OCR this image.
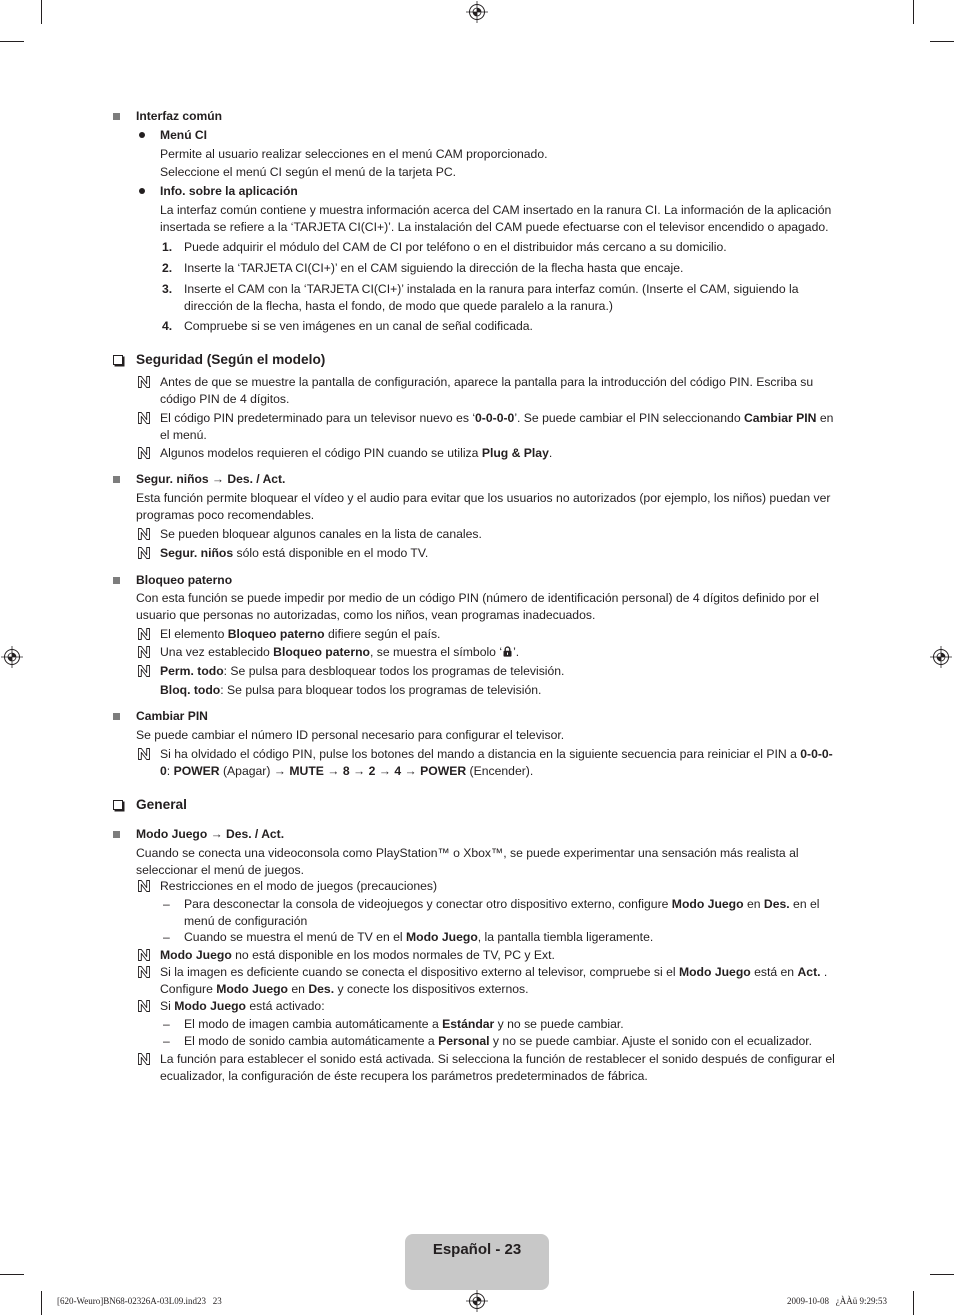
Interfaz común
Menú CI
Permite al usuario realizar selecciones en el menú CAM proporcionado.
Seleccione el menú CI según el menú de la tarjeta PC.
Info. sobre la aplicación
La interfaz común contiene y muestra información acerca del CAM insertado en la ranura CI. La información de la aplicación insertada se refiere a la ‘TARJETA CI(CI+)’. La instalación del CAM puede efectuarse con el televisor encendido o apagado.
1. Puede adquirir el módulo del CAM de CI por teléfono o en el distribuidor más cercano a su domicilio.
2. Inserte la ‘TARJETA CI(CI+)’ en el CAM siguiendo la dirección de la flecha hasta que encaje.
3. Inserte el CAM con la ‘TARJETA CI(CI+)’ instalada en la ranura para interfaz común. (Inserte el CAM, siguiendo la dirección de la flecha, hasta el fondo, de modo que quede paralelo a la ranura.)
4. Compruebe si se ven imágenes en un canal de señal codificada.
Seguridad (Según el modelo)
Antes de que se muestre la pantalla de configuración, aparece la pantalla para la introducción del código PIN. Escriba su código PIN de 4 dígitos.
El código PIN predeterminado para un televisor nuevo es ‘0-0-0-0’. Se puede cambiar el PIN seleccionando Cambiar PIN en el menú.
Algunos modelos requieren el código PIN cuando se utiliza Plug & Play.
Segur. niños → Des. / Act.
Esta función permite bloquear el vídeo y el audio para evitar que los usuarios no autorizados (por ejemplo, los niños) puedan ver programas poco recomendables.
Se pueden bloquear algunos canales en la lista de canales.
Segur. niños sólo está disponible en el modo TV.
Bloqueo paterno
Con esta función se puede impedir por medio de un código PIN (número de identificación personal) de 4 dígitos definido por el usuario que personas no autorizadas, como los niños, vean programas inadecuados.
El elemento Bloqueo paterno difiere según el país.
Una vez establecido Bloqueo paterno, se muestra el símbolo ‘ ’.
Perm. todo: Se pulsa para desbloquear todos los programas de televisión.
Bloq. todo: Se pulsa para bloquear todos los programas de televisión.
Cambiar PIN
Se puede cambiar el número ID personal necesario para configurar el televisor.
Si ha olvidado el código PIN, pulse los botones del mando a distancia en la siguiente secuencia para reiniciar el PIN a 0-0-0-0: POWER (Apagar) → MUTE → 8 → 2 → 4 → POWER (Encender).
General
Modo Juego → Des. / Act.
Cuando se conecta una videoconsola como PlayStation™ o Xbox™, se puede experimentar una sensación más realista al seleccionar el menú de juegos.
Restricciones en el modo de juegos (precauciones)
– Para desconectar la consola de videojuegos y conectar otro dispositivo externo, configure Modo Juego en Des. en el menú de configuración
– Cuando se muestra el menú de TV en el Modo Juego, la pantalla tiembla ligeramente.
Modo Juego no está disponible en los modos normales de TV, PC y Ext.
Si la imagen es deficiente cuando se conecta el dispositivo externo al televisor, compruebe si el Modo Juego está en Act. . Configure Modo Juego en Des. y conecte los dispositivos externos.
Si Modo Juego está activado:
– El modo de imagen cambia automáticamente a Estándar y no se puede cambiar.
– El modo de sonido cambia automáticamente a Personal y no se puede cambiar. Ajuste el sonido con el ecualizador.
La función para establecer el sonido está activada. Si selecciona la función de restablecer el sonido después de configurar el ecualizador, la configuración de éste recupera los parámetros predeterminados de fábrica.
Español - 23
[620-Weuro]BN68-02326A-03L09.ind23   23	2009-10-08   ¿ÀÀü 9:29:53
